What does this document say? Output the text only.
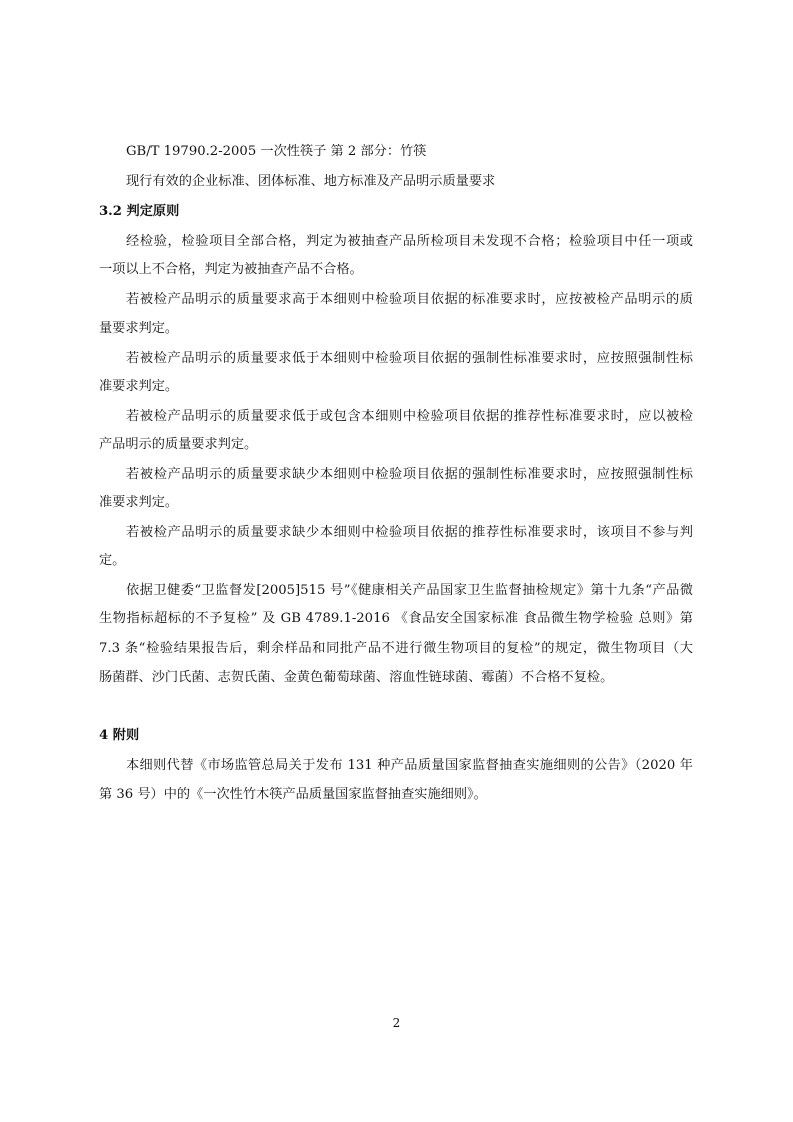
GB/T 19790.2-2005 一次性筷子 第 2 部分：竹筷
现行有效的企业标准、团体标准、地方标准及产品明示质量要求
3.2 判定原则
经检验，检验项目全部合格，判定为被抽查产品所检项目未发现不合格；检验项目中任一项或
一项以上不合格，判定为被抽查产品不合格。
若被检产品明示的质量要求高于本细则中检验项目依据的标准要求时，应按被检产品明示的质
量要求判定。
若被检产品明示的质量要求低于本细则中检验项目依据的强制性标准要求时，应按照强制性标
准要求判定。
若被检产品明示的质量要求低于或包含本细则中检验项目依据的推荐性标准要求时，应以被检
产品明示的质量要求判定。
若被检产品明示的质量要求缺少本细则中检验项目依据的强制性标准要求时，应按照强制性标
准要求判定。
若被检产品明示的质量要求缺少本细则中检验项目依据的推荐性标准要求时，该项目不参与判
定。
依据卫健委“卫监督发[2005]515 号”《健康相关产品国家卫生监督抽检规定》第十九条“产品微
生物指标超标的不予复检” 及 GB 4789.1-2016 《食品安全国家标准 食品微生物学检验 总则》第
7.3 条“检验结果报告后，剩余样品和同批产品不进行微生物项目的复检”的规定，微生物项目（大
肠菌群、沙门氏菌、志贺氏菌、金黄色葡萄球菌、溶血性链球菌、霉菌）不合格不复检。
4 附则
本细则代替《市场监管总局关于发布 131 种产品质量国家监督抽查实施细则的公告》（2020 年
第 36 号）中的《一次性竹木筷产品质量国家监督抽查实施细则》。
2
